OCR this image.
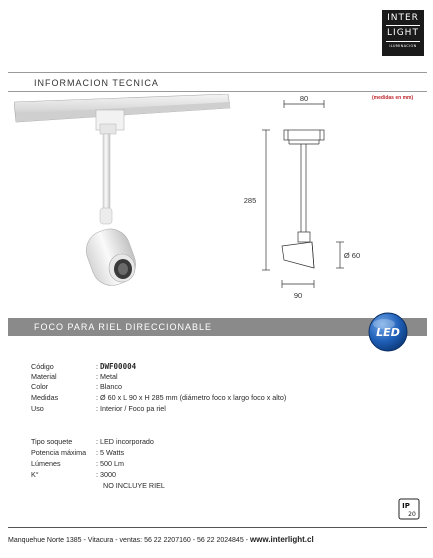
INTER
LIGHT
ILUMINACION
INFORMACION TECNICA
(medidas en mm)
80
285
Ø 60
90
FOCO PARA RIEL DIRECCIONABLE	LED
Código	: DWF00004
Material	: Metal
Color	: Blanco
Medidas	: Ø 60 x L 90 x H 285 mm (diámetro foco x largo foco x alto)
Uso	: Interior / Foco pa riel
Tipo soquete	: LED incorporado
Potencia máxima : 5 Watts
Lúmenes	: 500 Lm
K°	: 3000
NO INCLUYE RIEL
IP
20
Manquehue Norte 1385 - Vitacura - ventas: 56 22 2207160 - 56 22 2024845 - www.interlight.cl
